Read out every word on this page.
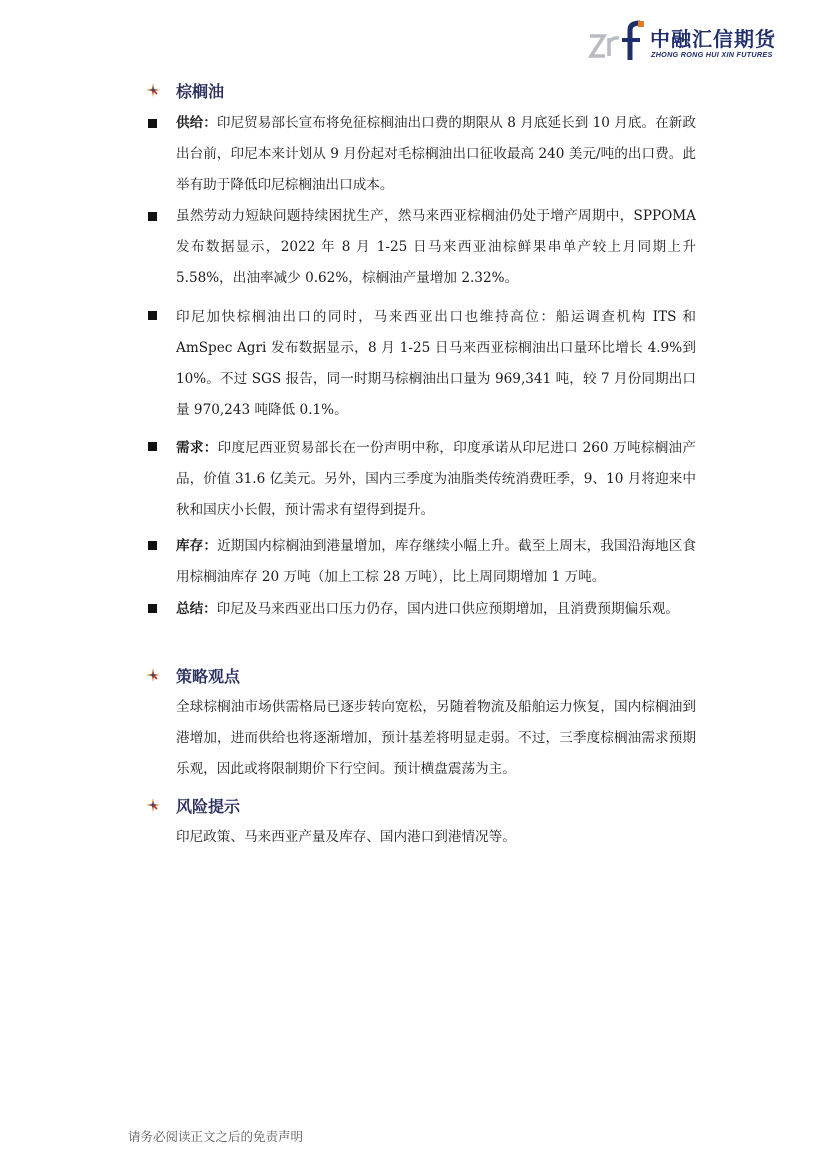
中融汇信期货
ZHONG RONG HUI XIN FUTURES
棕榈油
供给：印尼贸易部长宣布将免征棕榈油出口费的期限从 8 月底延长到 10 月底。在新政出台前，印尼本来计划从 9 月份起对毛棕榈油出口征收最高 240 美元/吨的出口费。此举有助于降低印尼棕榈油出口成本。
虽然劳动力短缺问题持续困扰生产，然马来西亚棕榈油仍处于增产周期中，SPPOMA 发布数据显示，2022 年 8 月 1-25 日马来西亚油棕鲜果串单产较上月同期上升 5.58%，出油率减少 0.62%，棕榈油产量增加 2.32%。
印尼加快棕榈油出口的同时，马来西亚出口也维持高位：船运调查机构 ITS 和 AmSpec Agri 发布数据显示，8 月 1-25 日马来西亚棕榈油出口量环比增长 4.9%到 10%。不过 SGS 报告，同一时期马棕榈油出口量为 969,341 吨，较 7 月份同期出口量 970,243 吨降低 0.1%。
需求：印度尼西亚贸易部长在一份声明中称，印度承诺从印尼进口 260 万吨棕榈油产品，价值 31.6 亿美元。另外，国内三季度为油脂类传统消费旺季，9、10 月将迎来中秋和国庆小长假，预计需求有望得到提升。
库存：近期国内棕榈油到港量增加，库存继续小幅上升。截至上周末，我国沿海地区食用棕榈油库存 20 万吨（加上工棕 28 万吨），比上周同期增加 1 万吨。
总结：印尼及马来西亚出口压力仍存，国内进口供应预期增加，且消费预期偏乐观。
策略观点
全球棕榈油市场供需格局已逐步转向宽松，另随着物流及船舶运力恢复，国内棕榈油到港增加，进而供给也将逐渐增加，预计基差将明显走弱。不过，三季度棕榈油需求预期乐观，因此或将限制期价下行空间。预计横盘震荡为主。
风险提示
印尼政策、马来西亚产量及库存、国内港口到港情况等。
请务必阅读正文之后的免责声明
